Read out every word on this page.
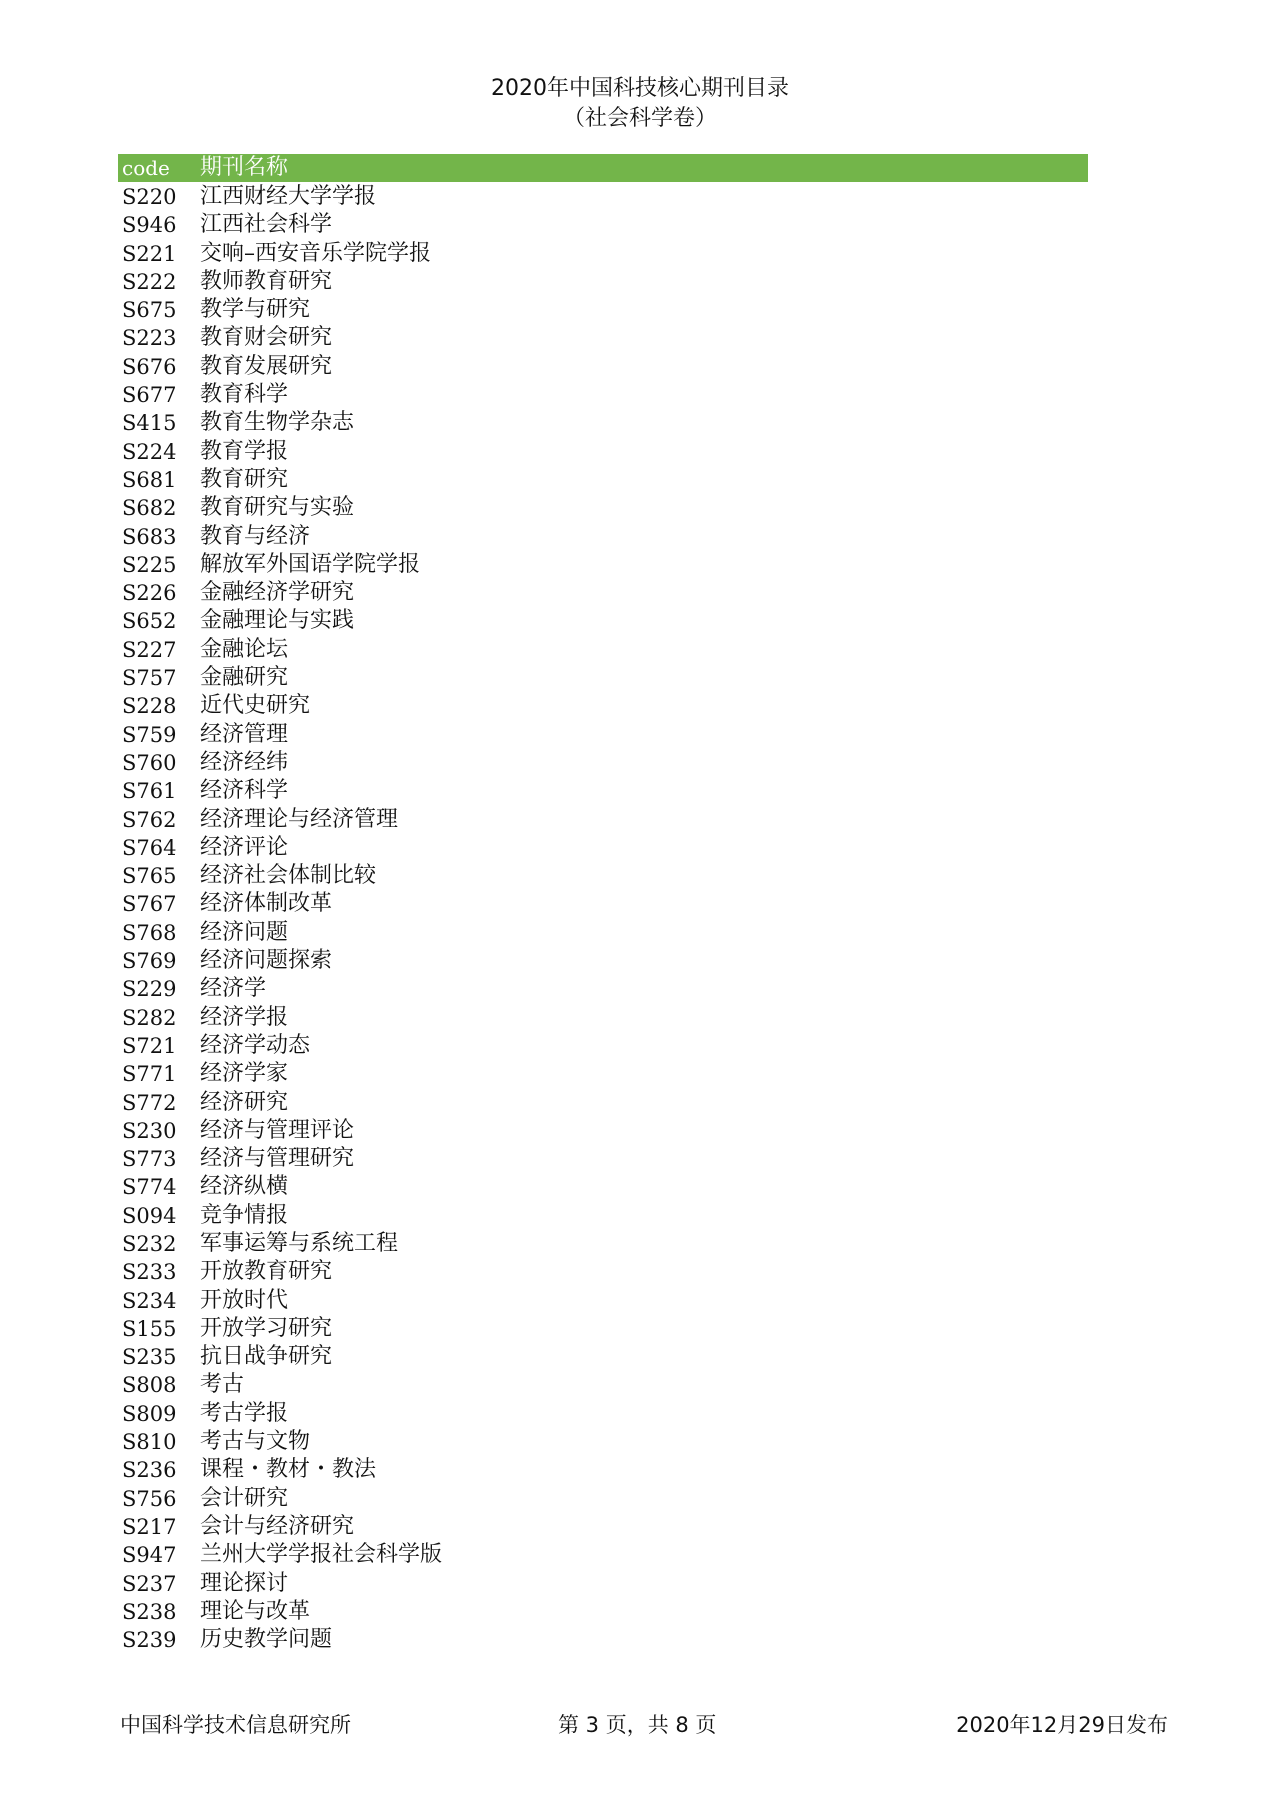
2020年中国科技核心期刊目录
（社会科学卷）
code 期刊名称
S220 江西财经大学学报
S946 江西社会科学
S221 交响–西安音乐学院学报
S222 教师教育研究
S675 教学与研究
S223 教育财会研究
S676 教育发展研究
S677 教育科学
S415 教育生物学杂志
S224 教育学报
S681 教育研究
S682 教育研究与实验
S683 教育与经济
S225 解放军外国语学院学报
S226 金融经济学研究
S652 金融理论与实践
S227 金融论坛
S757 金融研究
S228 近代史研究
S759 经济管理
S760 经济经纬
S761 经济科学
S762 经济理论与经济管理
S764 经济评论
S765 经济社会体制比较
S767 经济体制改革
S768 经济问题
S769 经济问题探索
S229 经济学
S282 经济学报
S721 经济学动态
S771 经济学家
S772 经济研究
S230 经济与管理评论
S773 经济与管理研究
S774 经济纵横
S094 竞争情报
S232 军事运筹与系统工程
S233 开放教育研究
S234 开放时代
S155 开放学习研究
S235 抗日战争研究
S808 考古
S809 考古学报
S810 考古与文物
S236 课程・教材・教法
S756 会计研究
S217 会计与经济研究
S947 兰州大学学报社会科学版
S237 理论探讨
S238 理论与改革
S239 历史教学问题
中国科学技术信息研究所	第 3 页，共 8 页	2020年12月29日发布
